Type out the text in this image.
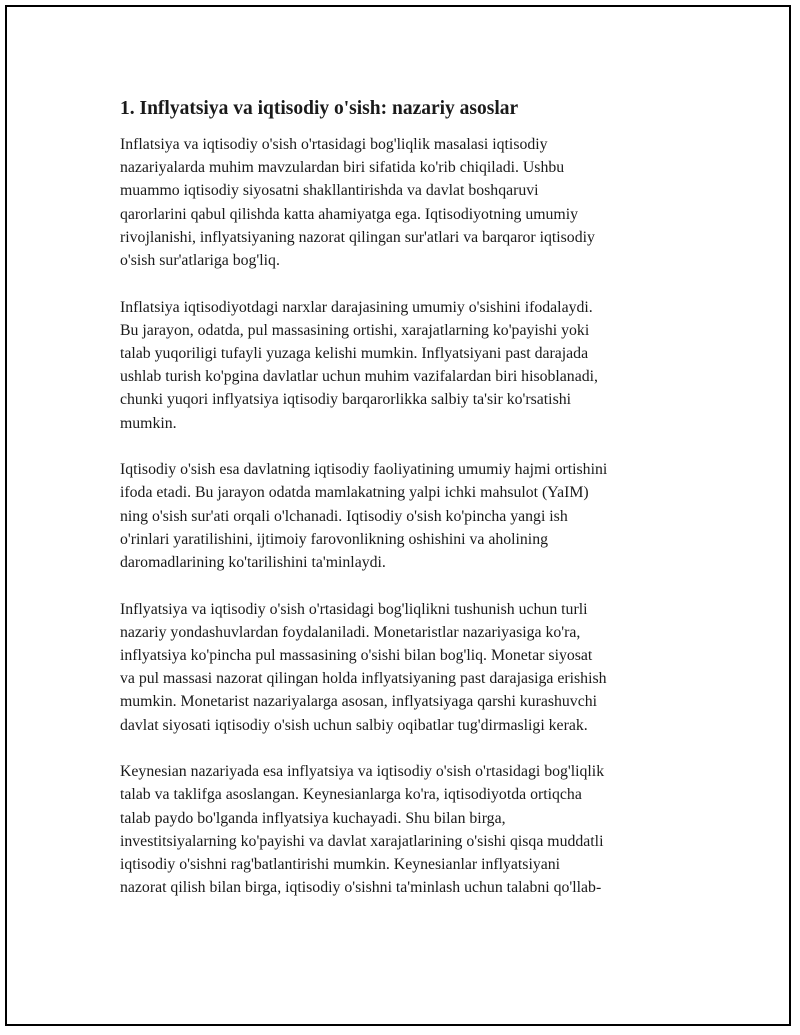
1. Inflyatsiya va iqtisodiy o'sish: nazariy asoslar

Inflatsiya va iqtisodiy o'sish o'rtasidagi bog'liqlik masalasi iqtisodiy
nazariyalarda muhim mavzulardan biri sifatida ko'rib chiqiladi. Ushbu
muammo iqtisodiy siyosatni shakllantirishda va davlat boshqaruvi
qarorlarini qabul qilishda katta ahamiyatga ega. Iqtisodiyotning umumiy
rivojlanishi, inflyatsiyaning nazorat qilingan sur'atlari va barqaror iqtisodiy
o'sish sur'atlariga bog'liq.

Inflatsiya iqtisodiyotdagi narxlar darajasining umumiy o'sishini ifodalaydi.
Bu jarayon, odatda, pul massasining ortishi, xarajatlarning ko'payishi yoki
talab yuqoriligi tufayli yuzaga kelishi mumkin. Inflyatsiyani past darajada
ushlab turish ko'pgina davlatlar uchun muhim vazifalardan biri hisoblanadi,
chunki yuqori inflyatsiya iqtisodiy barqarorlikka salbiy ta'sir ko'rsatishi
mumkin.

Iqtisodiy o'sish esa davlatning iqtisodiy faoliyatining umumiy hajmi ortishini
ifoda etadi. Bu jarayon odatda mamlakatning yalpi ichki mahsulot (YaIM)
ning o'sish sur'ati orqali o'lchanadi. Iqtisodiy o'sish ko'pincha yangi ish
o'rinlari yaratilishini, ijtimoiy farovonlikning oshishini va aholining
daromadlarining ko'tarilishini ta'minlaydi.

Inflyatsiya va iqtisodiy o'sish o'rtasidagi bog'liqlikni tushunish uchun turli
nazariy yondashuvlardan foydalaniladi. Monetaristlar nazariyasiga ko'ra,
inflyatsiya ko'pincha pul massasining o'sishi bilan bog'liq. Monetar siyosat
va pul massasi nazorat qilingan holda inflyatsiyaning past darajasiga erishish
mumkin. Monetarist nazariyalarga asosan, inflyatsiyaga qarshi kurashuvchi
davlat siyosati iqtisodiy o'sish uchun salbiy oqibatlar tug'dirmasligi kerak.

Keynesian nazariyada esa inflyatsiya va iqtisodiy o'sish o'rtasidagi bog'liqlik
talab va taklifga asoslangan. Keynesianlarga ko'ra, iqtisodiyotda ortiqcha
talab paydo bo'lganda inflyatsiya kuchayadi. Shu bilan birga,
investitsiyalarning ko'payishi va davlat xarajatlarining o'sishi qisqa muddatli
iqtisodiy o'sishni rag'batlantirishi mumkin. Keynesianlar inflyatsiyani
nazorat qilish bilan birga, iqtisodiy o'sishni ta'minlash uchun talabni qo'llab-
